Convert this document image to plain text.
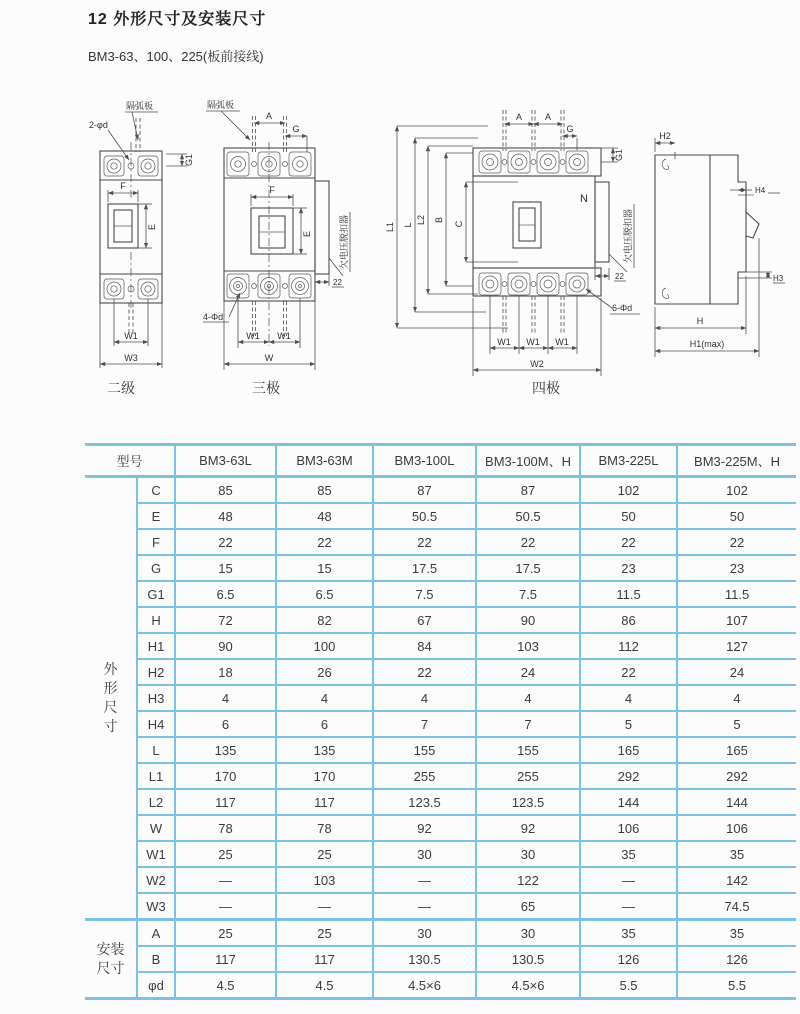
12 外形尺寸及安装尺寸
BM3-63、100、225(板前接线)
隔弧板
2-φd
G1
F
E
W1
W3
隔弧板
4-Φd
欠电压脱扣器
A
G
F
E
22
W1 W1
W
N
A	A
G
G1
L1 L L2 B
C
W1 W1 W1
W2
22
欠电压脱扣器
6-Φd
H2
H4
H3
H
H1(max)
二级	三极	四极
型号		BM3-63L	BM3-63M	BM3-100L	BM3-100M、H	BM3-225L	BM3-225M、H

外形尺寸	C	85	85	87	87	102	102
	E	48	48	50.5	50.5	50	50
	F	22	22	22	22	22	22
	G	15	15	17.5	17.5	23	23
	G1	6.5	6.5	7.5	7.5	11.5	11.5
	H	72	82	67	90	86	107
	H1	90	100	84	103	112	127
	H2	18	26	22	24	22	24
	H3	4	4	4	4	4	4
	H4	6	6	7	7	5	5
	L	135	135	155	155	165	165
	L1	170	170	255	255	292	292
	L2	117	117	123.5	123.5	144	144
	W	78	78	92	92	106	106
	W1	25	25	30	30	35	35
	W2	—	103	—	122	—	142
	W3	—	—	—	65	—	74.5

安装尺寸	A	25	25	30	30	35	35
	B	117	117	130.5	130.5	126	126
	φd	4.5	4.5	4.5×6	4.5×6	5.5	5.5
